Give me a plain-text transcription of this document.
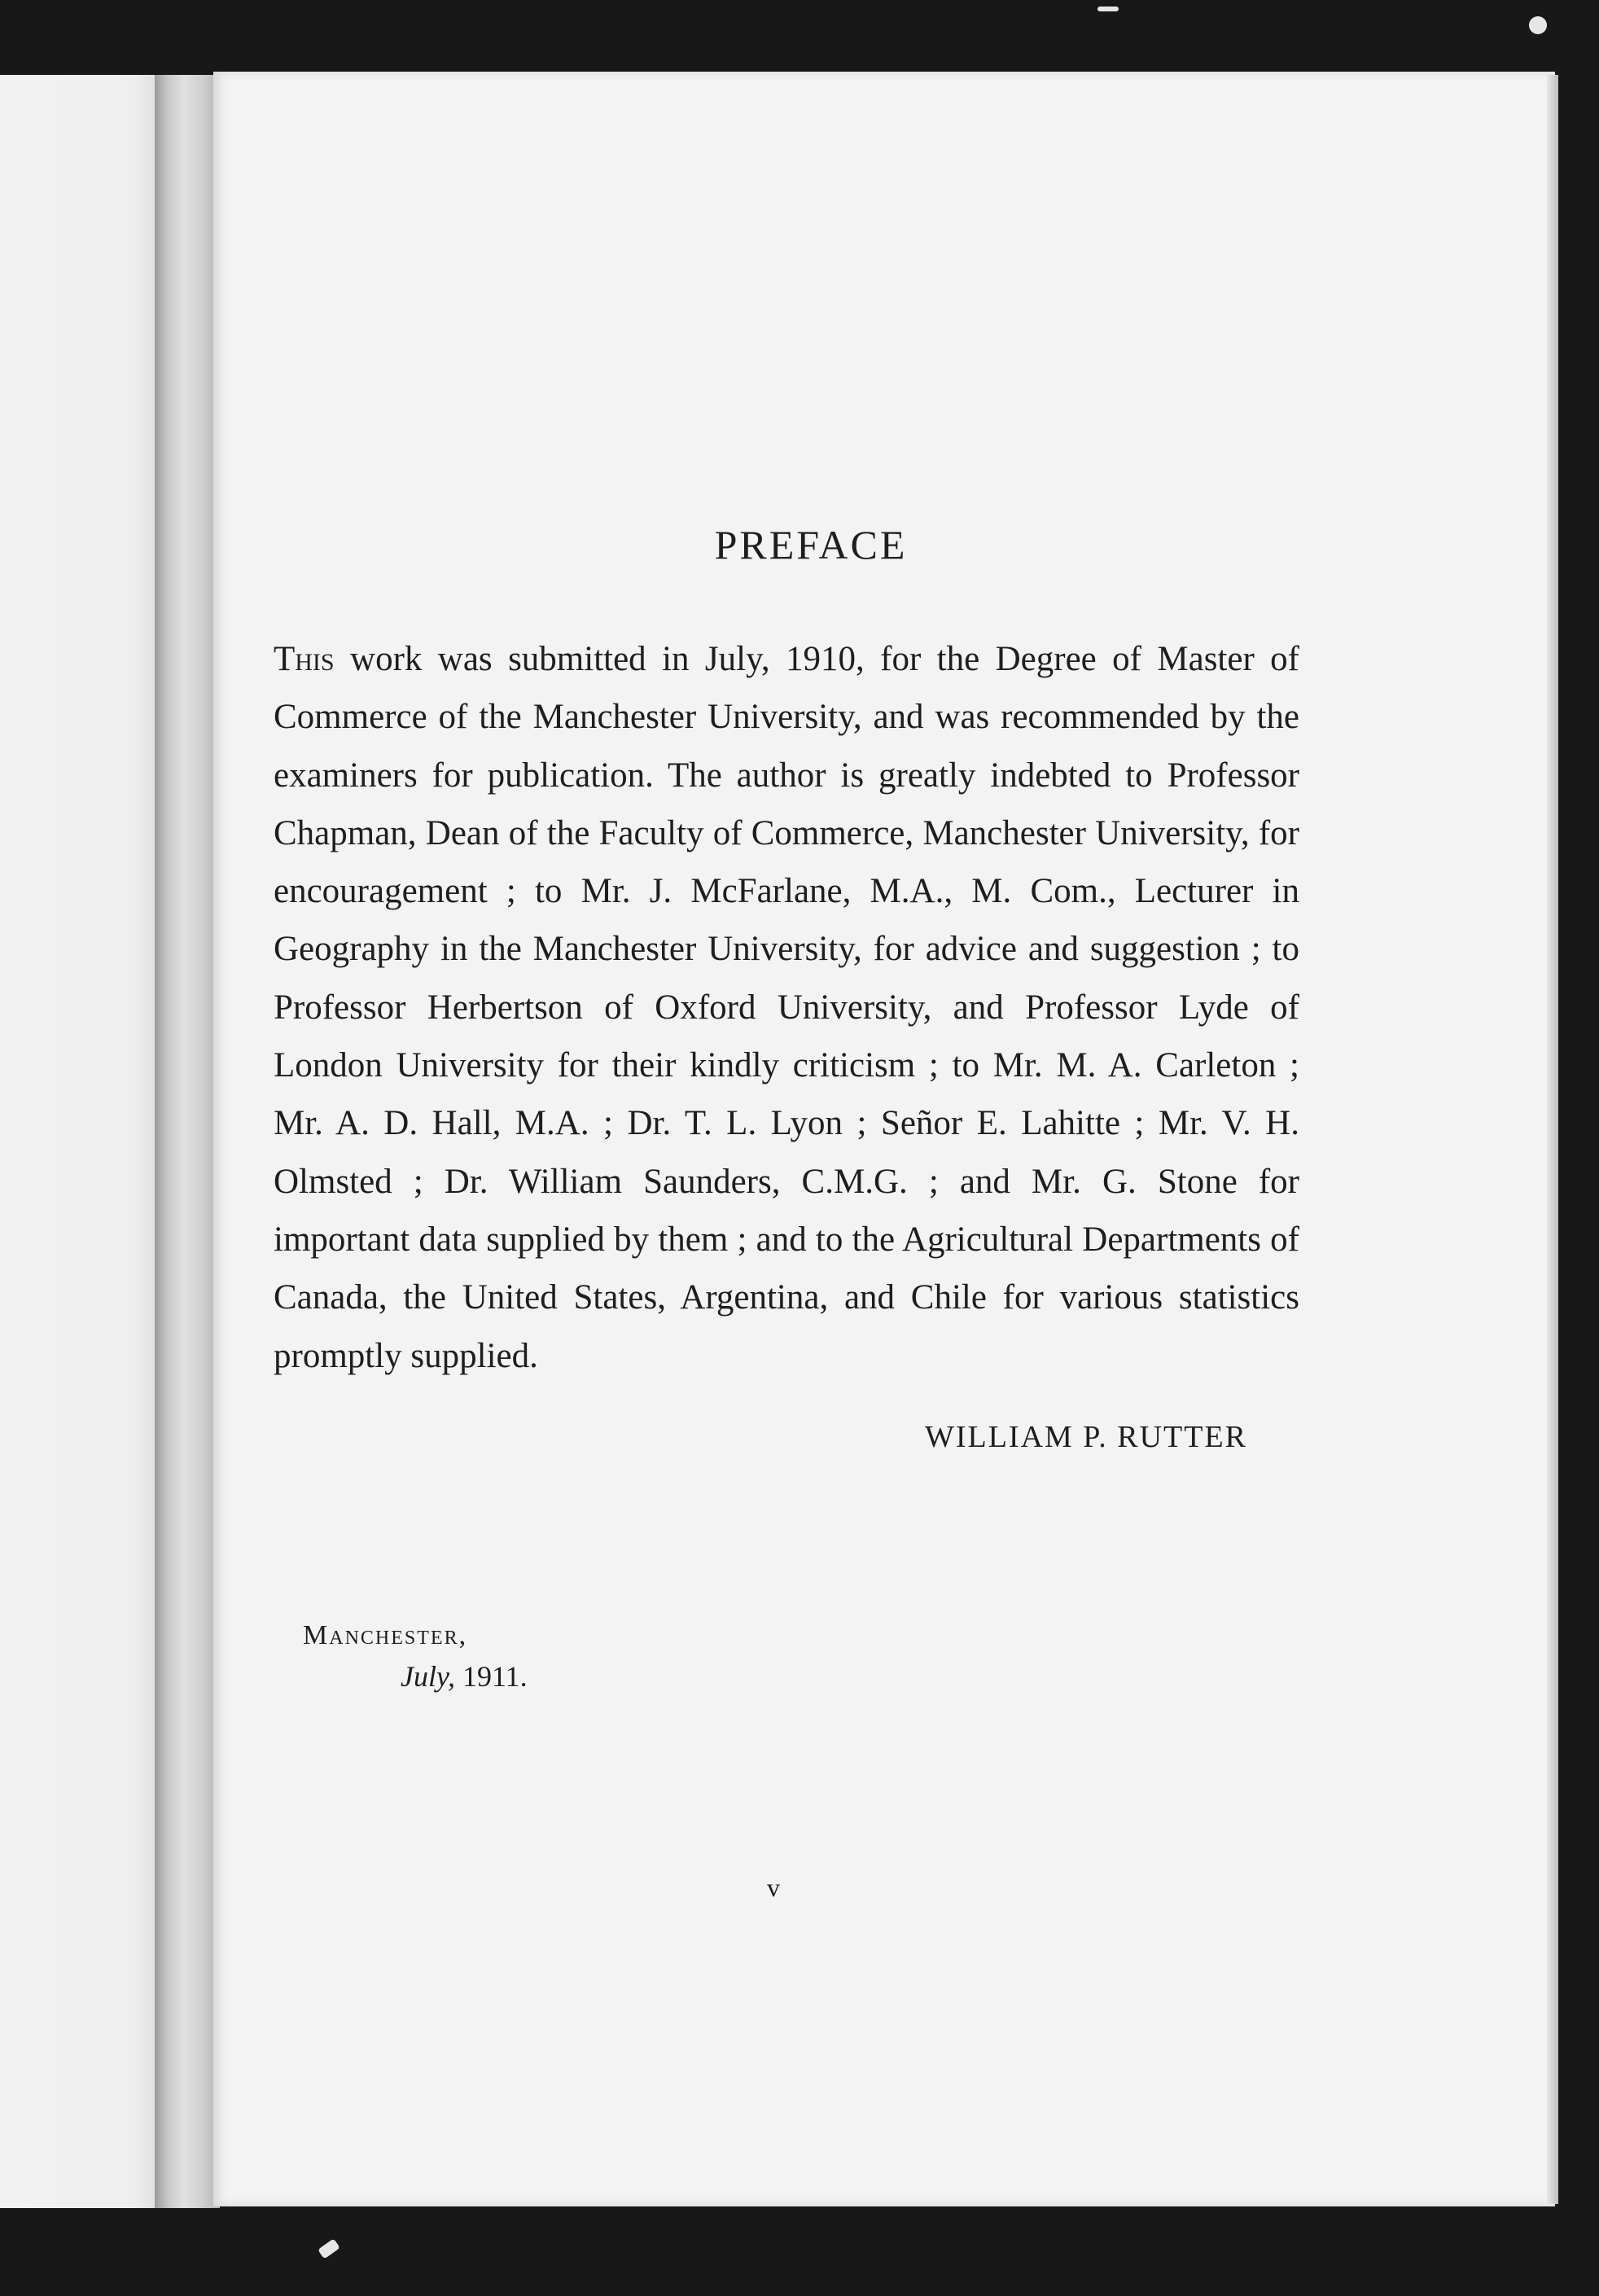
PREFACE

This work was submitted in July, 1910, for the Degree of Master of Commerce of the Manchester University, and was recommended by the examiners for publication. The author is greatly indebted to Professor Chapman, Dean of the Faculty of Commerce, Manchester University, for encouragement ; to Mr. J. McFarlane, M.A., M. Com., Lecturer in Geography in the Manchester University, for advice and suggestion ; to Professor Herbertson of Oxford University, and Professor Lyde of London University for their kindly criticism ; to Mr. M. A. Carleton ; Mr. A. D. Hall, M.A. ; Dr. T. L. Lyon ; Señor E. Lahitte ; Mr. V. H. Olmsted ; Dr. William Saunders, C.M.G. ; and Mr. G. Stone for important data supplied by them ; and to the Agricultural Departments of Canada, the United States, Argentina, and Chile for various statistics promptly supplied.

WILLIAM P. RUTTER
Manchester,
July, 1911.
v
